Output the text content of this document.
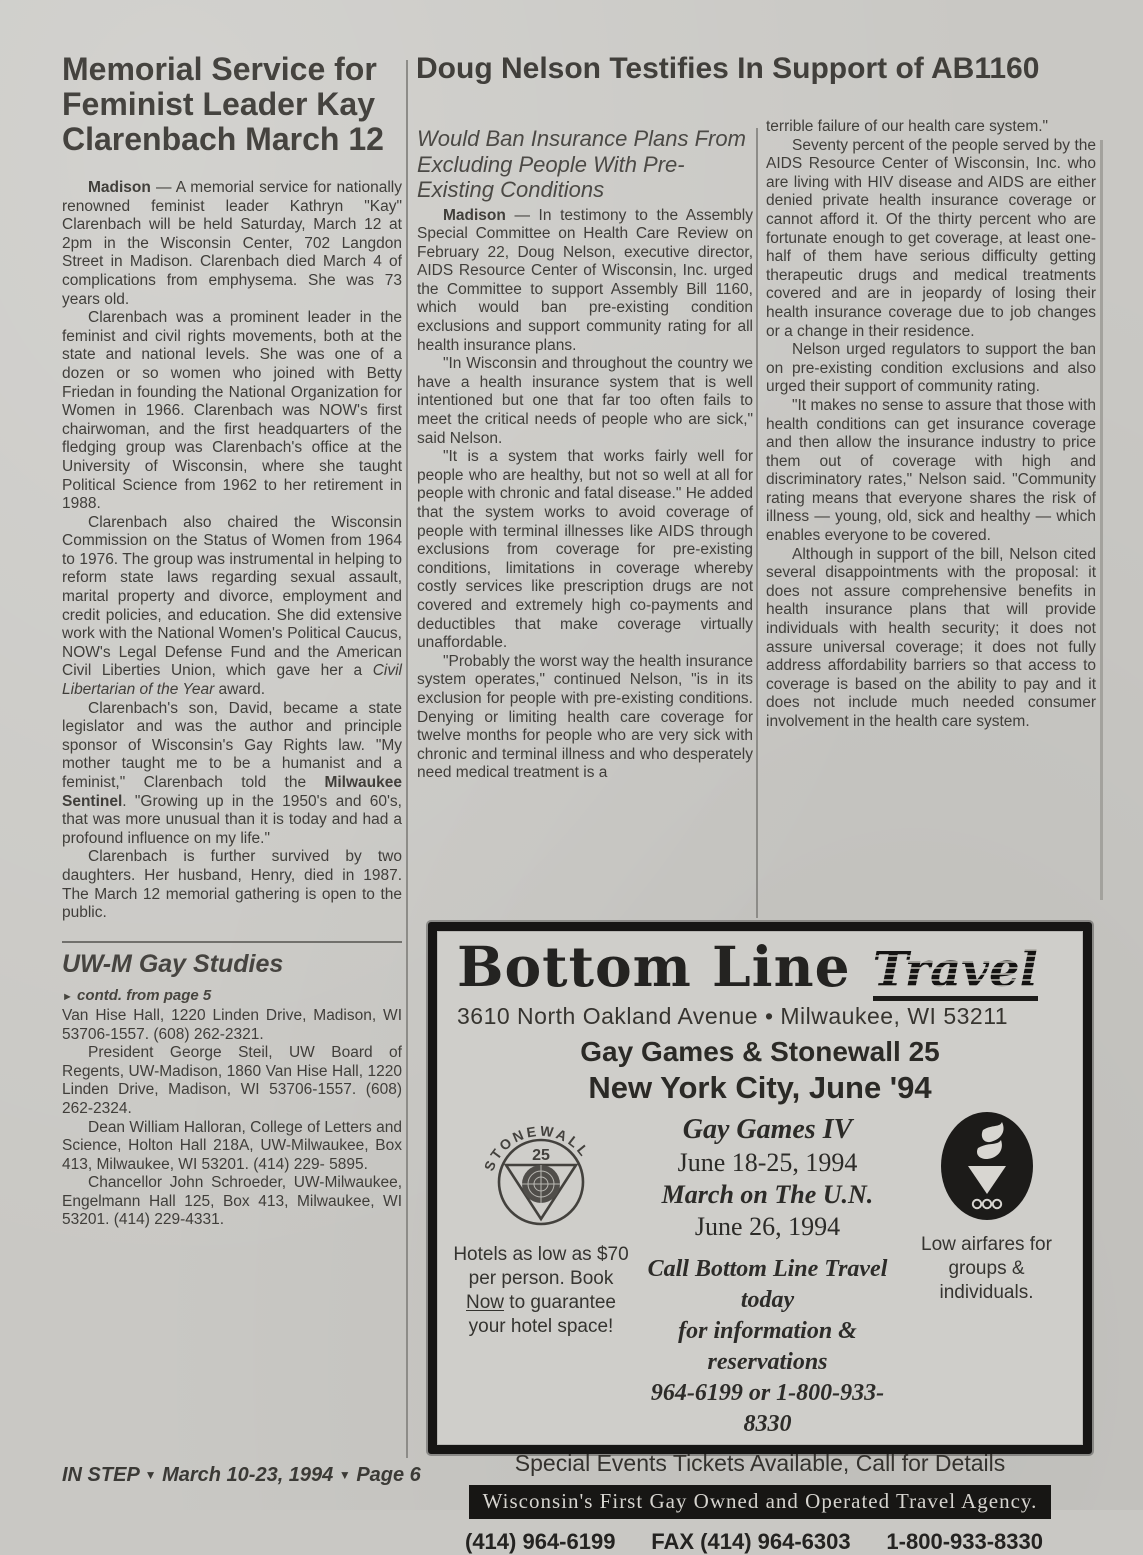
Memorial Service for Feminist Leader Kay Clarenbach March 12

Madison — A memorial service for nationally renowned feminist leader Kathryn "Kay" Clarenbach will be held Saturday, March 12 at 2pm in the Wisconsin Center, 702 Langdon Street in Madison. Clarenbach died March 4 of complications from emphysema. She was 73 years old.

Clarenbach was a prominent leader in the feminist and civil rights movements, both at the state and national levels. She was one of a dozen or so women who joined with Betty Friedan in founding the National Organization for Women in 1966. Clarenbach was NOW's first chairwoman, and the first headquarters of the fledging group was Clarenbach's office at the University of Wisconsin, where she taught Political Science from 1962 to her retirement in 1988.

Clarenbach also chaired the Wisconsin Commission on the Status of Women from 1964 to 1976. The group was instrumental in helping to reform state laws regarding sexual assault, marital property and divorce, employment and credit policies, and education. She did extensive work with the National Women's Political Caucus, NOW's Legal Defense Fund and the American Civil Liberties Union, which gave her a Civil Libertarian of the Year award.

Clarenbach's son, David, became a state legislator and was the author and principle sponsor of Wisconsin's Gay Rights law. "My mother taught me to be a humanist and a feminist," Clarenbach told the Milwaukee Sentinel. "Growing up in the 1950's and 60's, that was more unusual than it is today and had a profound influence on my life."

Clarenbach is further survived by two daughters. Her husband, Henry, died in 1987. The March 12 memorial gathering is open to the public.

UW-M Gay Studies

► contd. from page 5

Van Hise Hall, 1220 Linden Drive, Madison, WI 53706-1557. (608) 262-2321.

President George Steil, UW Board of Regents, UW-Madison, 1860 Van Hise Hall, 1220 Linden Drive, Madison, WI 53706-1557. (608) 262-2324.

Dean William Halloran, College of Letters and Science, Holton Hall 218A, UW-Milwaukee, Box 413, Milwaukee, WI 53201. (414) 229- 5895.

Chancellor John Schroeder, UW-Milwaukee, Engelmann Hall 125, Box 413, Milwaukee, WI 53201. (414) 229-4331.

Doug Nelson Testifies In Support of AB1160
Would Ban Insurance Plans From Excluding People With Pre-Existing Conditions

Madison — In testimony to the Assembly Special Committee on Health Care Review on February 22, Doug Nelson, executive director, AIDS Resource Center of Wisconsin, Inc. urged the Committee to support Assembly Bill 1160, which would ban pre-existing condition exclusions and support community rating for all health insurance plans.

"In Wisconsin and throughout the country we have a health insurance system that is well intentioned but one that far too often fails to meet the critical needs of people who are sick," said Nelson.

"It is a system that works fairly well for people who are healthy, but not so well at all for people with chronic and fatal disease." He added that the system works to avoid coverage of people with terminal illnesses like AIDS through exclusions from coverage for pre-existing conditions, limitations in coverage whereby costly services like prescription drugs are not covered and extremely high co-payments and deductibles that make coverage virtually unaffordable.

"Probably the worst way the health insurance system operates," continued Nelson, "is in its exclusion for people with pre-existing conditions. Denying or limiting health care coverage for twelve months for people who are very sick with chronic and terminal illness and who desperately need medical treatment is a

terrible failure of our health care system."

Seventy percent of the people served by the AIDS Resource Center of Wisconsin, Inc. who are living with HIV disease and AIDS are either denied private health insurance coverage or cannot afford it. Of the thirty percent who are fortunate enough to get coverage, at least one-half of them have serious difficulty getting therapeutic drugs and medical treatments covered and are in jeopardy of losing their health insurance coverage due to job changes or a change in their residence.

Nelson urged regulators to support the ban on pre-existing condition exclusions and also urged their support of community rating.

"It makes no sense to assure that those with health conditions can get insurance coverage and then allow the insurance industry to price them out of coverage with high and discriminatory rates," Nelson said. "Community rating means that everyone shares the risk of illness — young, old, sick and healthy — which enables everyone to be covered.

Although in support of the bill, Nelson cited several disappointments with the proposal: it does not assure comprehensive benefits in health insurance plans that will provide individuals with health security; it does not assure universal coverage; it does not fully address affordability barriers so that access to coverage is based on the ability to pay and it does not include much needed consumer involvement in the health care system.

Bottom Line Travel
3610 North Oakland Avenue • Milwaukee, WI 53211
Gay Games & Stonewall 25
New York City, June '94
STONEWALL
25
Hotels as low as $70 per person. Book Now to guarantee your hotel space!
Gay Games IV
June 18-25, 1994
March on The U.N.
June 26, 1994
Call Bottom Line Travel today
for information & reservations
964-6199 or 1-800-933-8330
Low airfares for groups & individuals.
Special Events Tickets Available, Call for Details
Wisconsin's First Gay Owned and Operated Travel Agency.
(414) 964-6199 FAX (414) 964-6303 1-800-933-8330
IN STEP ▼ March 10-23, 1994 ▼ Page 6
